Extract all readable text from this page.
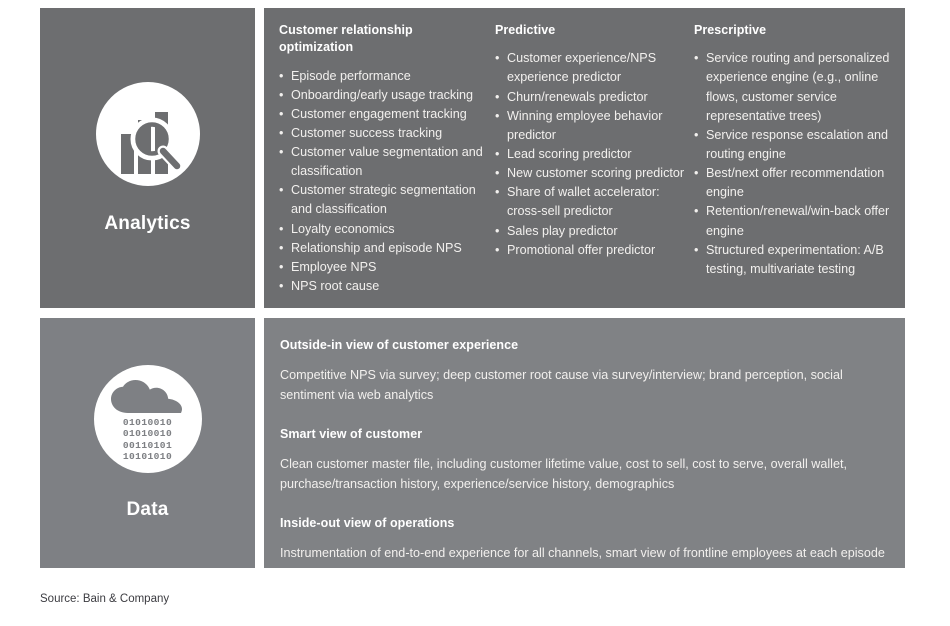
Analytics

Customer relationship optimization

• Episode performance
• Onboarding/early usage tracking
• Customer engagement tracking
• Customer success tracking
• Customer value segmentation and classification
• Customer strategic segmentation and classification
• Loyalty economics
• Relationship and episode NPS
• Employee NPS
• NPS root cause

Predictive

• Customer experience/NPS experience predictor
• Churn/renewals predictor
• Winning employee behavior predictor
• Lead scoring predictor
• New customer scoring predictor
• Share of wallet accelerator: cross-sell predictor
• Sales play predictor
• Promotional offer predictor

Prescriptive

• Service routing and personalized experience engine (e.g., online flows, customer service representative trees)
• Service response escalation and routing engine
• Best/next offer recommendation engine
• Retention/renewal/win-back offer engine
• Structured experimentation: A/B testing, multivariate testing
01010010
01010010
00110101
10101010
Data

Outside-in view of customer experience

Competitive NPS via survey; deep customer root cause via survey/interview; brand perception, social sentiment via web analytics

Smart view of customer

Clean customer master file, including customer lifetime value, cost to sell, cost to serve, overall wallet, purchase/transaction history, experience/service history, demographics

Inside-out view of operations

Instrumentation of end-to-end experience for all channels, smart view of frontline employees at each episode

Source: Bain & Company
